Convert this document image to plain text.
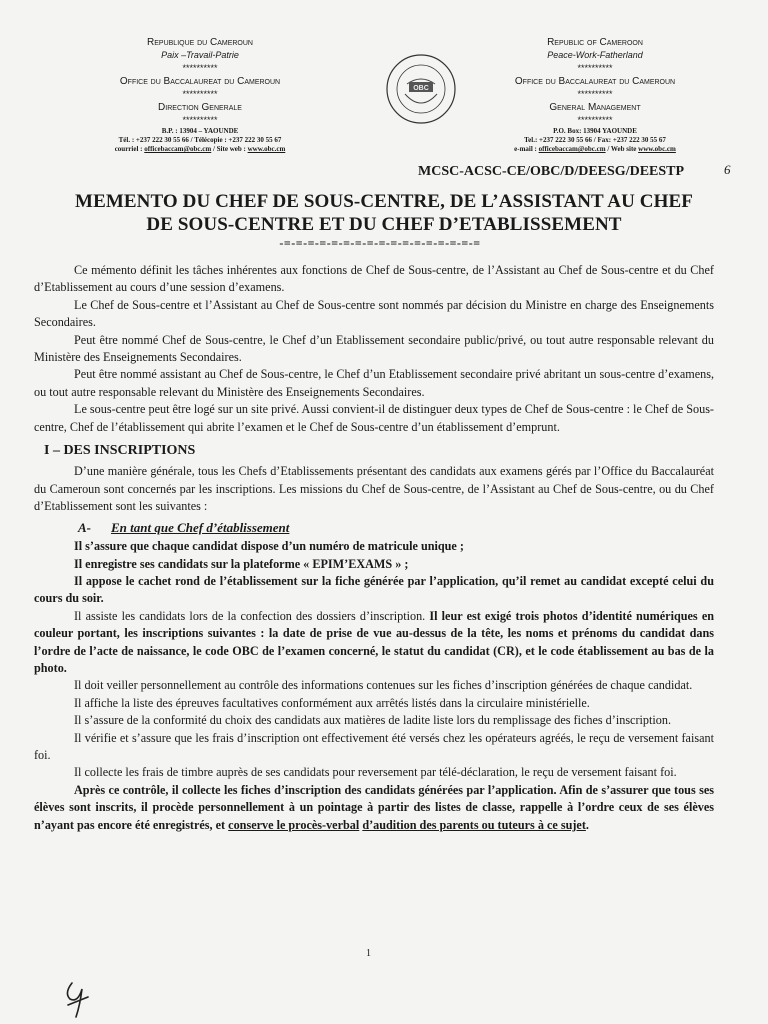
Republique du Cameroun
Paix –Travail-Patrie
**********
Office du Baccalaureat du Cameroun
**********
Direction Generale
**********
B.P. : 13904 – YAOUNDE
Tél. : +237 222 30 55 66 / Télécopie : +237 222 30 55 67
courriel : officebaccam@obc.cm / Site web : www.obc.cm
OBC
Republic of Cameroon
Peace-Work-Fatherland
**********
Office du Baccalaureat du Cameroun
**********
General Management
**********
P.O. Box: 13904 YAOUNDE
Tel.: +237 222 30 55 66 / Fax: +237 222 30 55 67
e-mail : officebaccam@obc.cm / Web site www.obc.cm
MCSC-ACSC-CE/OBC/D/DEESG/DEESTP	6
MEMENTO DU CHEF DE SOUS-CENTRE, DE L’ASSISTANT AU CHEF
DE SOUS-CENTRE ET DU CHEF D’ETABLISSEMENT
-=-=-=-=-=-=-=-=-=-=-=-=-=-=-=-=-=

Ce mémento définit les tâches inhérentes aux fonctions de Chef de Sous-centre, de l’Assistant au Chef de Sous-centre et du Chef d’Etablissement au cours d’une session d’examens.

Le Chef de Sous-centre et l’Assistant au Chef de Sous-centre sont nommés par décision du Ministre en charge des Enseignements Secondaires.

Peut être nommé Chef de Sous-centre, le Chef d’un Etablissement secondaire public/privé, ou tout autre responsable relevant du Ministère des Enseignements Secondaires.

Peut être nommé assistant au Chef de Sous-centre, le Chef d’un Etablissement secondaire privé abritant un sous-centre d’examens, ou tout autre responsable relevant du Ministère des Enseignements Secondaires.

Le sous-centre peut être logé sur un site privé. Aussi convient-il de distinguer deux types de Chef de Sous-centre : le Chef de Sous-centre, Chef de l’établissement qui abrite l’examen et le Chef de Sous-centre d’un établissement d’emprunt.

I – DES INSCRIPTIONS

D’une manière générale, tous les Chefs d’Etablissements présentant des candidats aux examens gérés par l’Office du Baccalauréat du Cameroun sont concernés par les inscriptions. Les missions du Chef de Sous-centre, de l’Assistant au Chef de Sous-centre, ou du Chef d’Etablissement sont les suivantes :

A- En tant que Chef d’établissement

Il s’assure que chaque candidat dispose d’un numéro de matricule unique ;

Il enregistre ses candidats sur la plateforme « EPIM’EXAMS » ;

Il appose le cachet rond de l’établissement sur la fiche générée par l’application, qu’il remet au candidat excepté celui du cours du soir.

Il assiste les candidats lors de la confection des dossiers d’inscription. Il leur est exigé trois photos d’identité numériques en couleur portant, les inscriptions suivantes : la date de prise de vue au-dessus de la tête, les noms et prénoms du candidat dans l’ordre de l’acte de naissance, le code OBC de l’examen concerné, le statut du candidat (CR), et le code établissement au bas de la photo.

Il doit veiller personnellement au contrôle des informations contenues sur les fiches d’inscription générées de chaque candidat.

Il affiche la liste des épreuves facultatives conformément aux arrêtés listés dans la circulaire ministérielle.

Il s’assure de la conformité du choix des candidats aux matières de ladite liste lors du remplissage des fiches d’inscription.

Il vérifie et s’assure que les frais d’inscription ont effectivement été versés chez les opérateurs agréés, le reçu de versement faisant foi.

Il collecte les frais de timbre auprès de ses candidats pour reversement par télé-déclaration, le reçu de versement faisant foi.

Après ce contrôle, il collecte les fiches d’inscription des candidats générées par l’application. Afin de s’assurer que tous ses élèves sont inscrits, il procède personnellement à un pointage à partir des listes de classe, rappelle à l’ordre ceux de ses élèves n’ayant pas encore été enregistrés, et conserve le procès-verbal d’audition des parents ou tuteurs à ce sujet.

1
